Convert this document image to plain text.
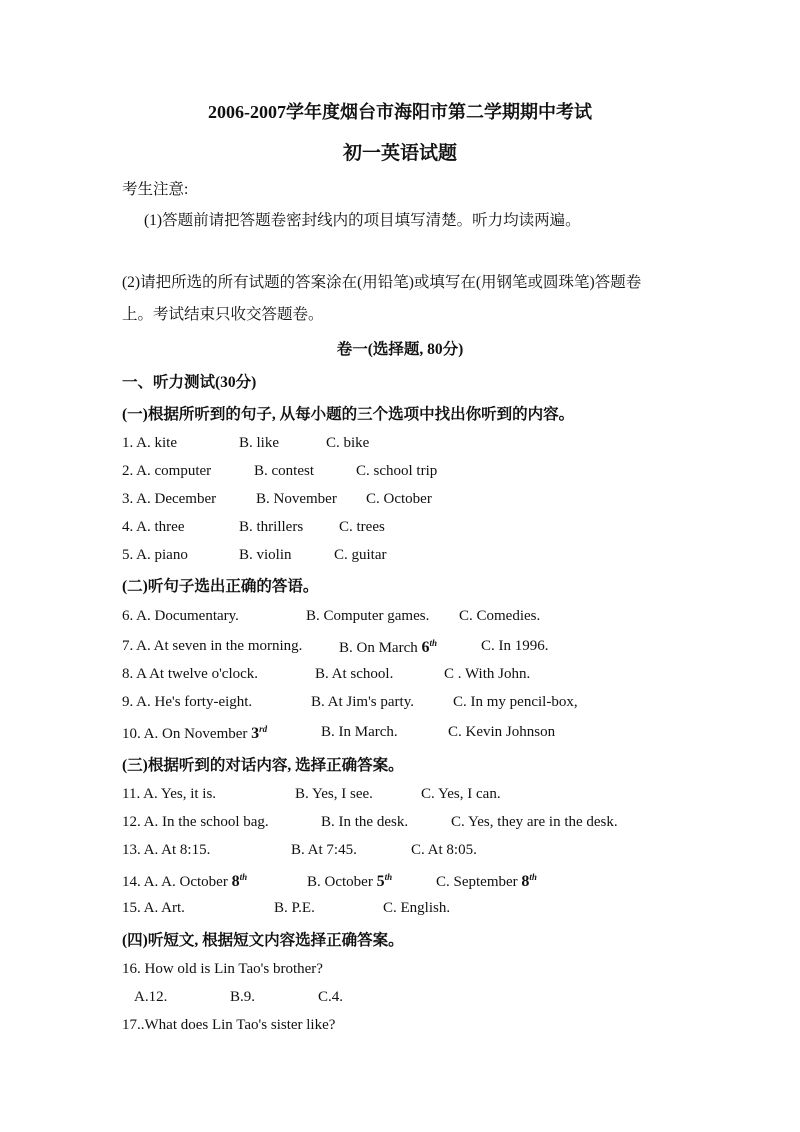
2006-2007学年度烟台市海阳市第二学期期中考试
初一英语试题
考生注意:
(1)答题前请把答题卷密封线内的项目填写清楚。听力均读两遍。
(2)请把所选的所有试题的答案涂在(用铅笔)或填写在(用钢笔或圆珠笔)答题卷
上。考试结束只收交答题卷。
卷一(选择题, 80分)
一、听力测试(30分)
(一)根据所听到的句子, 从每小题的三个选项中找出你听到的内容。
1. A. kite	B. like	C. bike
2. A. computer	B. contest	C. school trip
3. A. December	B. November C. October
4. A. three	B. thrillers C. trees
5. A. piano	B. violin	C. guitar
(二)听句子选出正确的答语。
6. A. Documentary.	B. Computer games. C. Comedies.
7. A. At seven in the morning. B. On March 6th	C. In 1996.
8. A At twelve o'clock.	B. At school.	C . With John.
9. A. He's forty-eight.	B. At Jim's party.	C. In my pencil-box,
10. A. On November 3rd	B. In March.	C. Kevin Johnson
(三)根据听到的对话内容, 选择正确答案。
11. A. Yes, it is.	B. Yes, I see.	C. Yes, I can.
12. A. In the school bag.	B. In the desk.	C. Yes, they are in the desk.
13. A. At 8:15.	B. At 7:45.	C. At 8:05.
14. A. A. October 8th	B. October 5th	C. September 8th
15. A. Art.	B. P.E.	C. English.
(四)听短文, 根据短文内容选择正确答案。
16. How old is Lin Tao's brother?
A.12.	B.9.	C.4.
17..What does Lin Tao's sister like?
